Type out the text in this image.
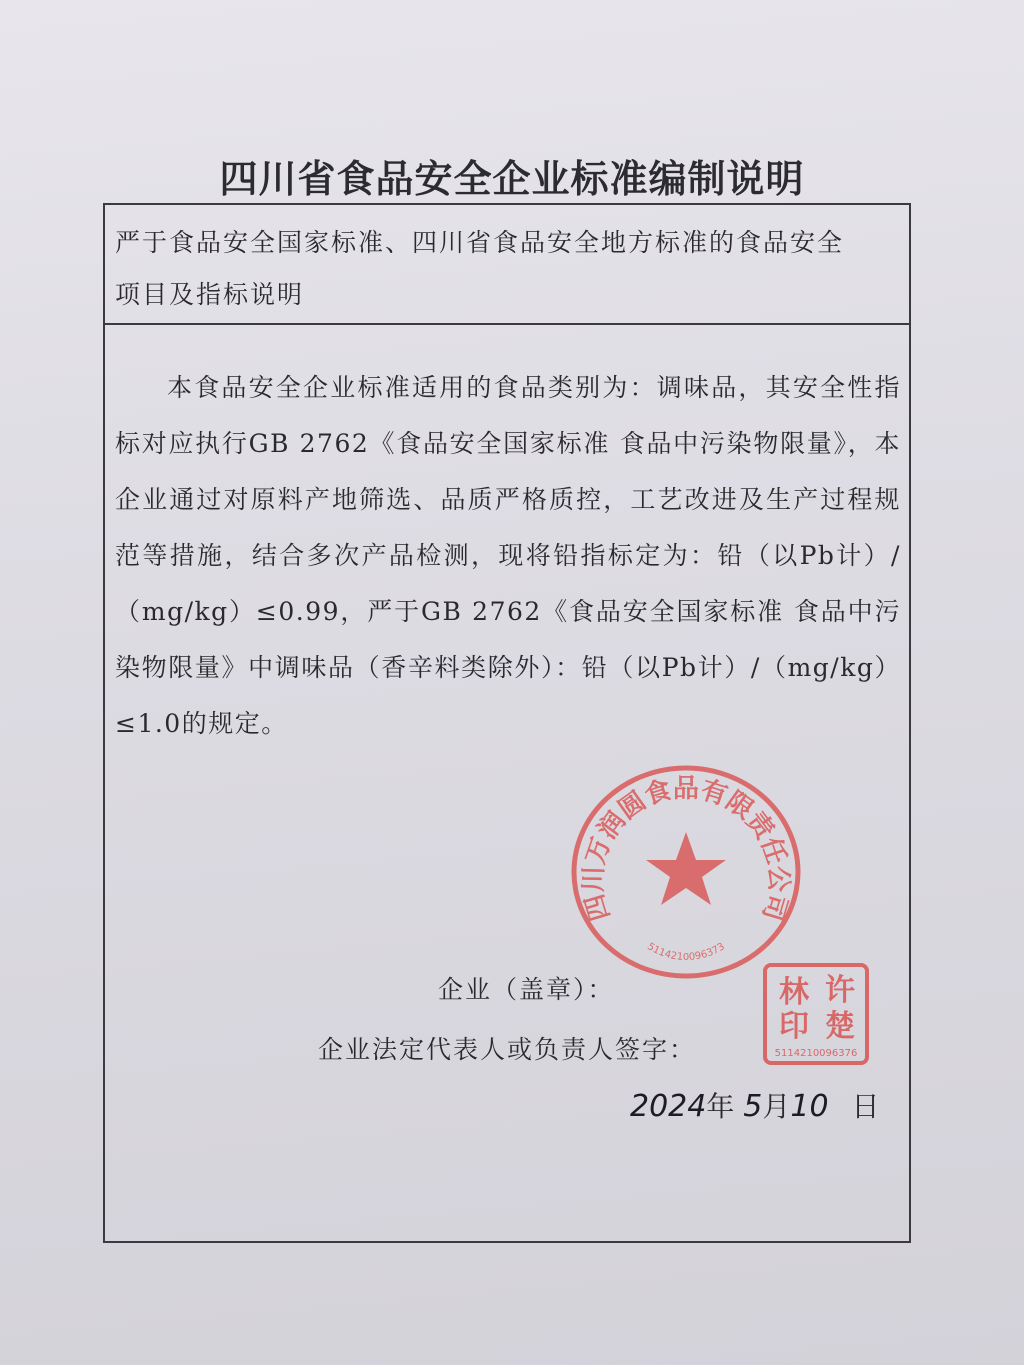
四川省食品安全企业标准编制说明
严于食品安全国家标准、四川省食品安全地方标准的食品安全
项目及指标说明

本食品安全企业标准适用的食品类别为：调味品，其安全性指标对应执行GB 2762《食品安全国家标准 食品中污染物限量》，本企业通过对原料产地筛选、品质严格质控，工艺改进及生产过程规范等措施，结合多次产品检测，现将铅指标定为：铅（以Pb计）/（mg/kg）≤0.99，严于GB 2762《食品安全国家标准 食品中污染物限量》中调味品（香辛料类除外）：铅（以Pb计）/（mg/kg）≤1.0的规定。

企业（盖章）：
企业法定代表人或负责人签字：
2024年 5月10 日
四川万润圆食品有限责任公司
5114210096373
许
林
楚
印
5114210096376
